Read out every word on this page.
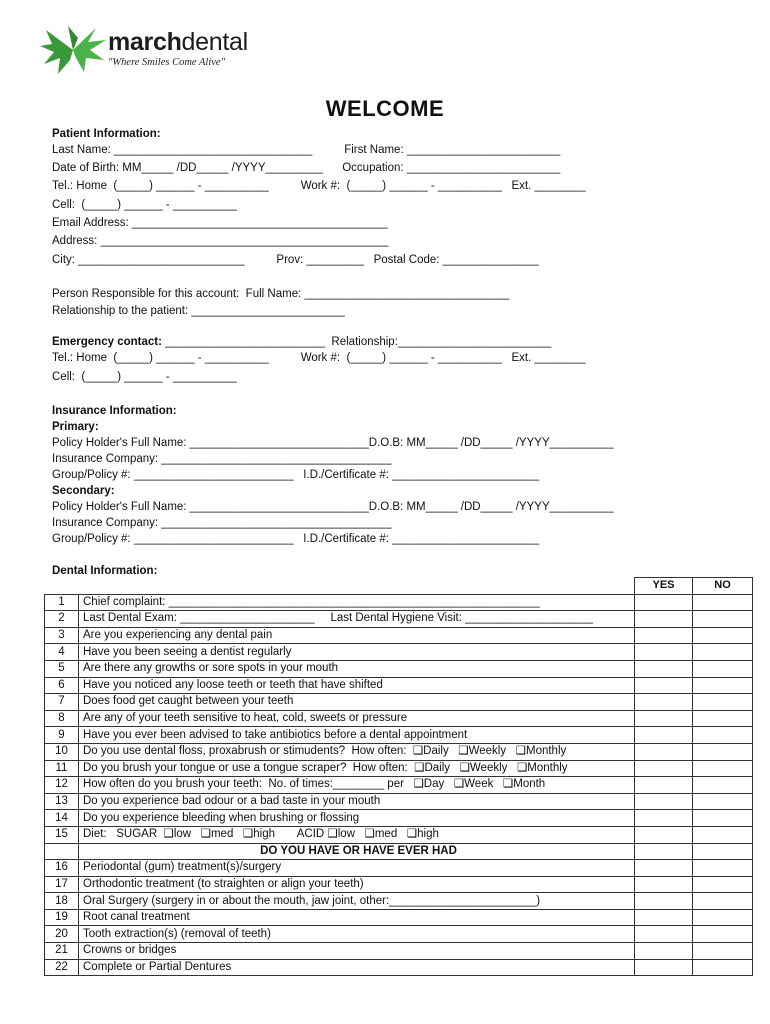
marchdental
"Where Smiles Come Alive"
WELCOME
Patient Information:
Last Name: _______________________________          First Name: ________________________
Date of Birth: MM_____ /DD_____ /YYYY_________      Occupation: ________________________
Tel.: Home  (_____) ______ - __________          Work #:  (_____) ______ - __________   Ext. ________
Cell:  (_____) ______ - __________
Email Address: ________________________________________
Address: _____________________________________________
City: __________________________          Prov: _________   Postal Code: _______________
Person Responsible for this account:  Full Name: ________________________________
Relationship to the patient: ________________________
Emergency contact: _________________________  Relationship:________________________
Tel.: Home  (_____) ______ - __________          Work #:  (_____) ______ - __________   Ext. ________
Cell:  (_____) ______ - __________
Insurance Information:
Primary:
Policy Holder's Full Name: ____________________________D.O.B: MM_____ /DD_____ /YYYY__________
Insurance Company: ____________________________________
Group/Policy #: _________________________   I.D./Certificate #: _______________________
Secondary:
Policy Holder's Full Name: ____________________________D.O.B: MM_____ /DD_____ /YYYY__________
Insurance Company: ____________________________________
Group/Policy #: _________________________   I.D./Certificate #: _______________________
Dental Information:
		YES	NO
1	Chief complaint: __________________________________________________________		
2	Last Dental Exam: _____________________     Last Dental Hygiene Visit: ____________________		
3	Are you experiencing any dental pain		
4	Have you been seeing a dentist regularly		
5	Are there any growths or sore spots in your mouth		
6	Have you noticed any loose teeth or teeth that have shifted		
7	Does food get caught between your teeth		
8	Are any of your teeth sensitive to heat, cold, sweets or pressure		
9	Have you ever been advised to take antibiotics before a dental appointment		
10	Do you use dental floss, proxabrush or stimudents?  How often:  ❑Daily   ❑Weekly   ❑Monthly		
11	Do you brush your tongue or use a tongue scraper?  How often:  ❑Daily   ❑Weekly   ❑Monthly		
12	How often do you brush your teeth:  No. of times:________ per   ❑Day   ❑Week   ❑Month		
13	Do you experience bad odour or a bad taste in your mouth		
14	Do you experience bleeding when brushing or flossing		
15	Diet:   SUGAR  ❑low   ❑med   ❑high       ACID ❑low   ❑med   ❑high		
	DO YOU HAVE OR HAVE EVER HAD		
16	Periodontal (gum) treatment(s)/surgery		
17	Orthodontic treatment (to straighten or align your teeth)		
18	Oral Surgery (surgery in or about the mouth, jaw joint, other:_______________________)		
19	Root canal treatment		
20	Tooth extraction(s) (removal of teeth)		
21	Crowns or bridges		
22	Complete or Partial Dentures		
